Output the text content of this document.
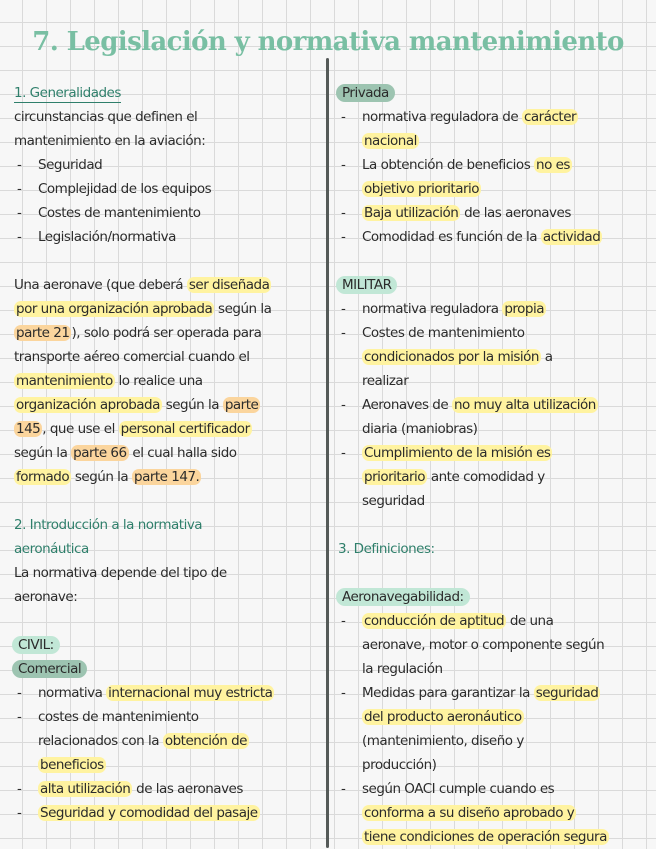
7. Legislación y normativa mantenimiento
1. Generalidades
circunstancias que definen el
mantenimiento en la aviación:
- Seguridad
- Complejidad de los equipos
- Costes de mantenimiento
- Legislación/normativa
Una aeronave (que deberá ser diseñada
por una organización aprobada según la
parte 21 ), solo podrá ser operada para
transporte aéreo comercial cuando el
mantenimiento lo realice una
organización aprobada según la parte
145 , que use el personal certificador
según la parte 66 el cual halla sido
formado según la parte 147.
2. Introducción a la normativa
aeronáutica
La normativa depende del tipo de
aeronave:
CIVIL:
Comercial
- normativa internacional muy estricta
- costes de mantenimiento
relacionados con la obtención de
beneficios
- alta utilización de las aeronaves
- Seguridad y comodidad del pasaje
Privada
- normativa reguladora de carácter
nacional
- La obtención de beneficios no es
objetivo prioritario
- Baja utilización de las aeronaves
- Comodidad es función de la actividad
MILITAR
- normativa reguladora propia
- Costes de mantenimiento
condicionados por la misión a
realizar
- Aeronaves de no muy alta utilización
diaria (maniobras)
- Cumplimiento de la misión es
prioritario ante comodidad y
seguridad
3. Definiciones:
Aeronavegabilidad:
- conducción de aptitud de una
aeronave, motor o componente según
la regulación
- Medidas para garantizar la seguridad
del producto aeronáutico
(mantenimiento, diseño y
producción)
- según OACI cumple cuando es
conforma a su diseño aprobado y
tiene condiciones de operación segura
